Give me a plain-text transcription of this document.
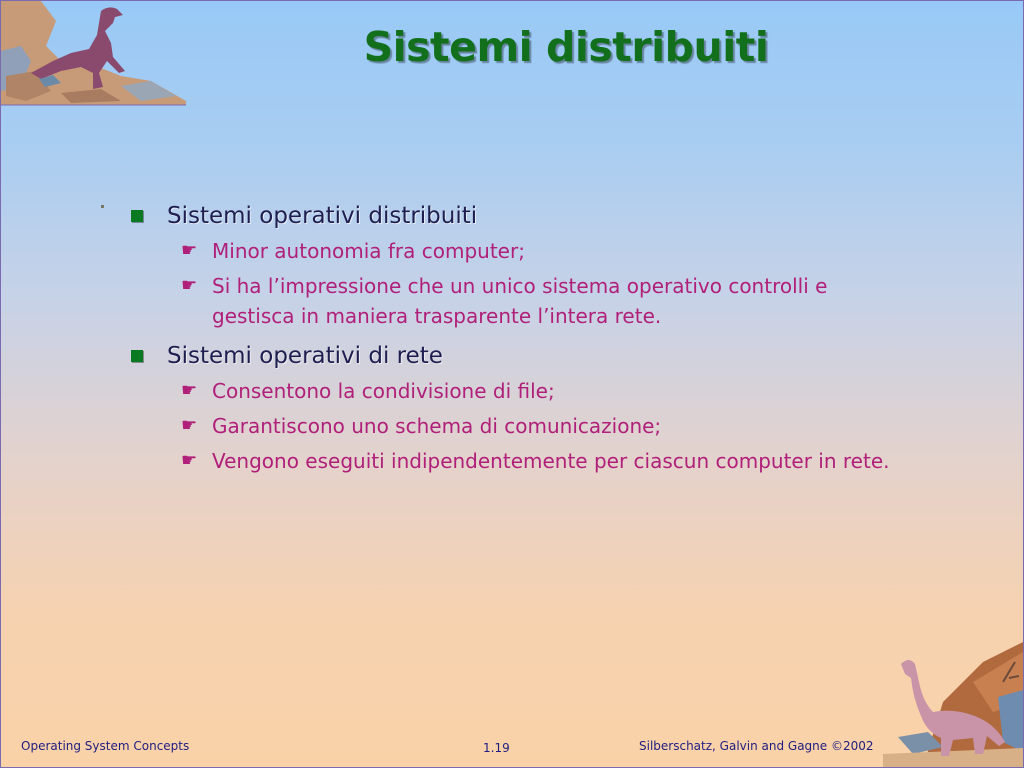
Sistemi distribuiti
Sistemi operativi distribuiti
☛ Minor autonomia fra computer;
☛ Si ha l’impressione che un unico sistema operativo controlli e gestisca in maniera trasparente l’intera rete.
Sistemi operativi di rete
☛ Consentono la condivisione di file;
☛ Garantiscono uno schema di comunicazione;
☛ Vengono eseguiti indipendentemente per ciascun computer in rete.
Operating System Concepts	1.19	Silberschatz, Galvin and Gagne ©2002
